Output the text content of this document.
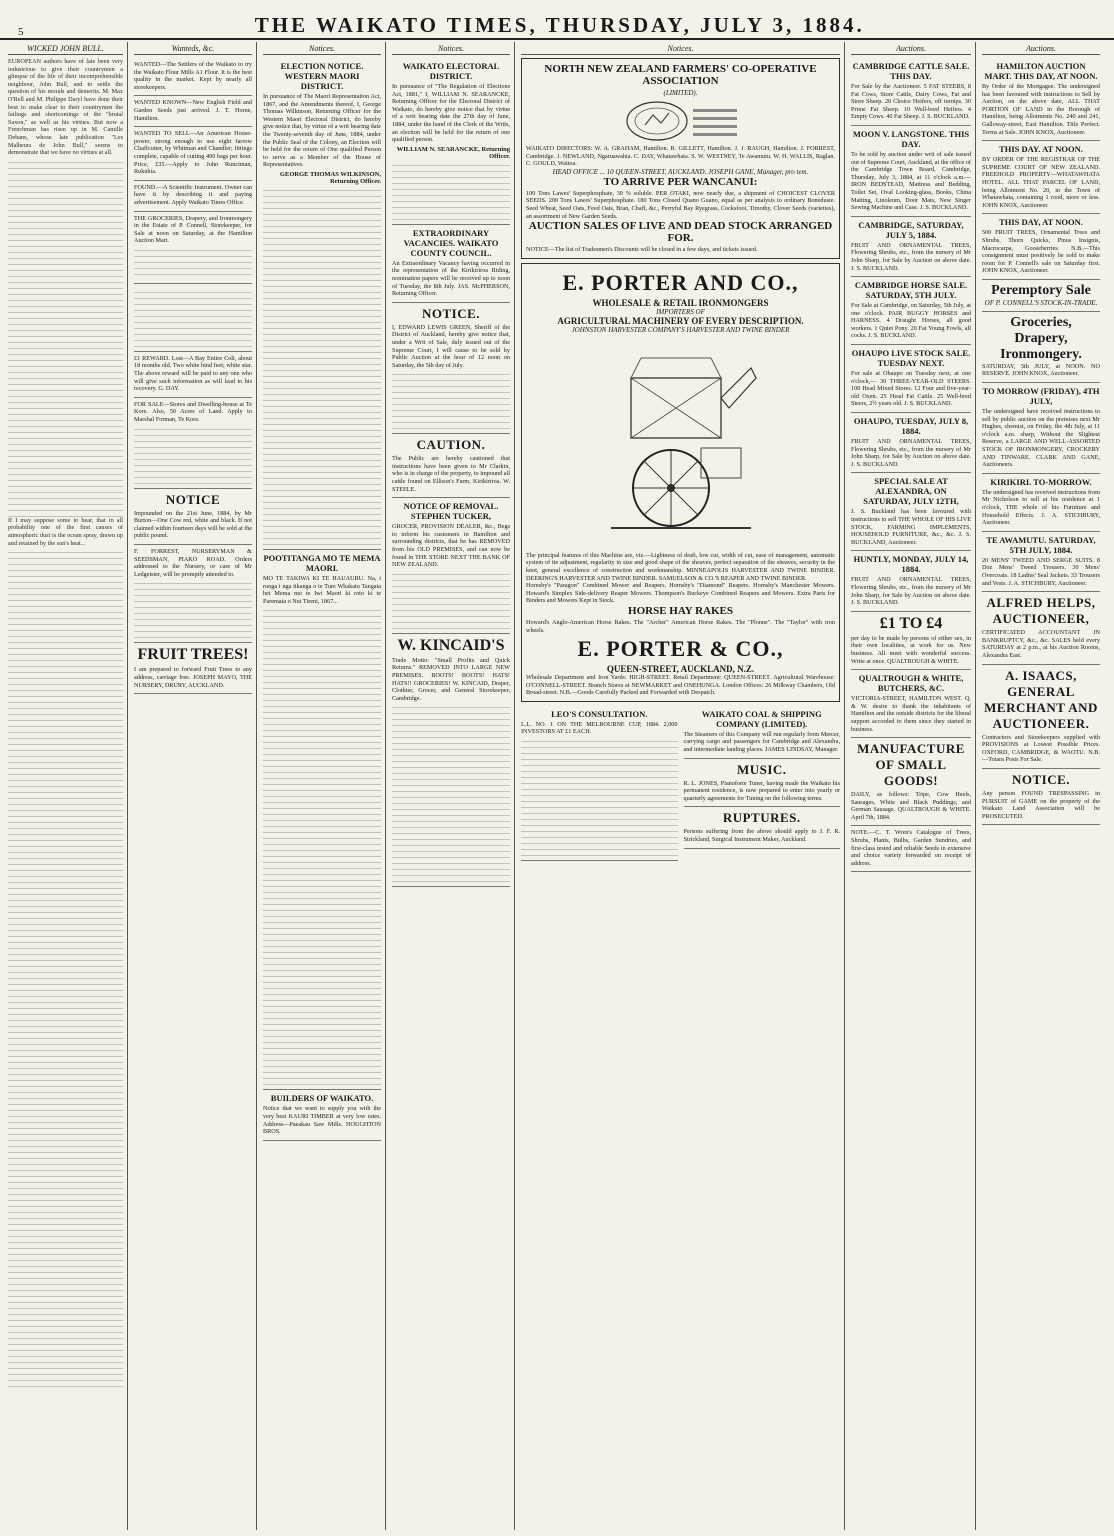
5	THE WAIKATO TIMES, THURSDAY, JULY 3, 1884.
WICKED JOHN BULL.
EUROPEAN authors have of late been very industrious to give their countrymen a glimpse of the life of their incomprehensible neighbour, John Bull, and to settle the question of his morals and demerits. M. Max O'Rell and M. Philippe Daryl have done their best to make clear to their countrymen the failings and shortcomings of the "brutal Saxon," as well as his virtues. But now a Frenchman has risen up in M. Camille Debans, whose late publication "Les Malheurs de John Bull," seems to demonstrate that we have no virtues at all.
If I may suppose some to hear, that in all probability one of the first causes of atmospheric dust is the ocean spray, drawn up and retained by the sun's heat...
Wanteds, &c.
WANTED—The Settlers of the Waikato to try the Waikato Flour Mills A1 Flour. It is the best quality in the market. Kept by nearly all storekeepers.
WANTED KNOWN—New English Field and Garden Seeds just arrived. J. T. Horne, Hamilton.
WANTED TO SELL—An American House-power, strong enough to use eight farrow Chaffcutter, by Whitman and Chandler; fittings complete, capable of cutting 400 bags per hour. Price, £35.—Apply to John Runciman, Rukuhia.
FOUND.—A Scientific Instrument. Owner can have it by describing it and paying advertisement. Apply Waikato Times Office.
THE GROCERIES, Drapery, and Ironmongery in the Estate of P. Connell, Storekeeper, for Sale at noon on Saturday, at the Hamilton Auction Mart.
£1 REWARD. Lost—A Bay Entire Colt, about 18 months old. Two white hind feet; white star. The above reward will be paid to any one who will give such information as will lead to his recovery. G. DAY.
FOR SALE—Stores and Dwelling-house at Te Kore. Also, 50 Acres of Land. Apply to Marshal Forman, Te Kore.
NOTICE
Impounded on the 21st June, 1884, by Mr Burton—One Cow red, white and black. If not claimed within fourteen days will be sold at the public pound.
F. FORREST, NURSERYMAN & SEEDSMAN, PIAKO ROAD. Orders addressed to the Nursery, or care of Mr Ledgeister, will be promptly attended to.
FRUIT TREES!
I am prepared to forward Fruit Trees to any address, carriage free. JOSEPH MAYO, THE NURSERY, DRURY, AUCKLAND.
Notices.
ELECTION NOTICE. WESTERN MAORI DISTRICT.
In pursuance of The Maori Representation Act, 1867, and the Amendments thereof, I, George Thomas Wilkinson, Returning Officer for the Western Maori Electoral District, do hereby give notice that, by virtue of a writ bearing date the Twenty-seventh day of June, 1884, under the Public Seal of the Colony, an Election will be held for the return of One qualified Person to serve as a Member of the House of Representatives.
GEORGE THOMAS WILKINSON, Returning Officer.
POOTITANGA MO TE MEMA MAORI.
MO TE TAKIWA KI TE HAUAURU. Na, i runga i nga tikanga o te Ture Whakatu Tangata hei Mema mo te Iwi Maori ki roto ki te Paremata o Nui Tireni, 1867...
BUILDERS OF WAIKATO.
Notice that we want to supply you with the very best KAURI TIMBER at very low rates. Address—Paeakau Saw Mills. HOUGHTON BROS.
Notices.
WAIKATO ELECTORAL DISTRICT.
In pursuance of "The Regulation of Elections Act, 1881," I, WILLIAM N. SEARANCKE, Returning Officer for the Electoral District of Waikato, do hereby give notice that by virtue of a writ bearing date the 27th day of June, 1884, under the hand of the Clerk of the Writs, an election will be held for the return of one qualified person.
WILLIAM N. SEARANCKE, Returning Officer.
EXTRAORDINARY VACANCIES. WAIKATO COUNTY COUNCIL.
An Extraordinary Vacancy having occurred in the representation of the Kirikiriroa Riding, nomination papers will be received up to noon of Tuesday, the 8th July. JAS. McPHERSON, Returning Officer.
NOTICE.
I, EDWARD LEWIS GREEN, Sheriff of the District of Auckland, hereby give notice that, under a Writ of Sale, duly issued out of the Supreme Court, I will cause to be sold by Public Auction at the hour of 12 noon on Saturday, the 5th day of July.
CAUTION.
The Public are hereby cautioned that instructions have been given to Mr Clarkin, who is in charge of the property, to impound all cattle found on Ellison's Farm, Kirikiriroa. W. STEELE.
NOTICE OF REMOVAL. STEPHEN TUCKER,
GROCER, PROVISION DEALER, &c., Begs to inform his customers in Hamilton and surrounding districts, that he has REMOVED from his OLD PREMISES, and can now be found in THE STORE NEXT THE BANK OF NEW ZEALAND.
W. KINCAID'S
Trade Motto: "Small Profits and Quick Returns." REMOVED INTO LARGE NEW PREMISES. BOOTS! BOOTS! HATS! HATS!! GROCERIES! W. KINCAID, Draper, Clothier, Grocer, and General Storekeeper, Cambridge.
Notices.
NORTH NEW ZEALAND FARMERS' CO-OPERATIVE ASSOCIATION
(LIMITED).
WAIKATO DIRECTORS: W. A. GRAHAM, Hamilton. R. GILLETT, Hamilton. J. J. RAUGH, Hamilton. J. FORREST, Cambridge. J. NEWLAND, Ngaruawahia. C. DAY, Whatawhata. S. W. WESTNEY, Te Awamutu. W. H. WALLIS, Raglan. C. GOULD, Waitoa.
HEAD OFFICE ... 10 QUEEN-STREET, AUCKLAND. JOSEPH GANE, Manager, pro tem.
TO ARRIVE PER WANCANUI:
100 Tons Lawes' Superphosphate, 30 % soluble. PER OTAKI, now nearly due, a shipment of CHOICEST CLOVER SEEDS. 200 Tons Lawes' Superphosphate. 180 Tons Closed Quano Guano, equal as per analysis to ordinary Boneduste. Seed Wheat, Seed Oats, Feed Oats, Bran, Chaff, &c., Perryful Bay Ryegrass, Cocksfoot, Timothy, Clover Seeds (varieties), an assortment of New Garden Seeds.
AUCTION SALES OF LIVE AND DEAD STOCK ARRANGED FOR.
NOTICE—The list of Tradesmen's Discounts will be closed in a few days, and tickets issued.
E. PORTER AND CO.,
WHOLESALE & RETAIL IRONMONGERS
IMPORTERS OF
AGRICULTURAL MACHINERY OF EVERY DESCRIPTION.
JOHNSTON HARVESTER COMPANY'S HARVESTER AND TWINE BINDER
The principal features of this Machine are, viz.—Lightness of draft, low cut, width of cut, ease of management, automatic system of tie adjustment, regularity in size and good shape of the sheaves, perfect separation of the sheaves, security in the knot, general excellence of construction and workmanship. MINNEAPOLIS HARVESTER AND TWINE BINDER. DEERING'S HARVESTER AND TWINE BINDER. SAMUELSON & CO.'S REAPER AND TWINE BINDER.
Hornsby's "Paragon" Combined Mower and Reapers. Hornsby's "Diamond" Reapers. Hornsby's Manchester Mowers. Howard's Simplex Side-delivery Reaper Mowers. Thompson's Buckeye Combined Reapers and Mowers. Extra Parts for Binders and Mowers Kept in Stock.
HORSE HAY RAKES
Howard's Anglo-American Horse Rakes. The "Archer" American Horse Rakes. The "Plonne". The "Taylor" with iron wheels.
E. PORTER & CO.,
QUEEN-STREET, AUCKLAND, N.Z.
Wholesale Department and Iron Yards: HIGH-STREET. Retail Department: QUEEN-STREET. Agricultural Warehouse: O'CONNELL-STREET. Branch Stores at NEWMARKET and ONEHUNGA. London Offices: 26 Milkway Chambers, Old Broad-street. N.B.—Goods Carefully Packed and Forwarded with Despatch.
LEO'S CONSULTATION.
L.L. NO. 1 ON THE MELBOURNE CUP, 1884. 2,000 INVESTORS AT £1 EACH.
WAIKATO COAL & SHIPPING COMPANY (LIMITED).
The Steamers of this Company will run regularly from Mercer, carrying cargo and passengers for Cambridge and Alexandra, and intermediate landing places. JAMES LINDSAY, Manager.
MUSIC.
R. L. JONES, Pianoforte Tuner, having made the Waikato his permanent residence, is now prepared to enter into yearly or quarterly agreements for Tuning on the following terms.
RUPTURES.
Persons suffering from the above should apply to J. F. R. Strickland, Surgical Instrument Maker, Auckland.
Auctions.
CAMBRIDGE CATTLE SALE. THIS DAY.
For Sale by the Auctioneer. 5 FAT STEERS, 8 Fat Cows, Store Cattle, Dairy Cows, Fat and Store Sheep. 20 Choice Heifers, off turnips. 30 Prime Fat Sheep. 10 Well-bred Heifers. 4 Empty Cows. 40 Fat Sheep. J. S. BUCKLAND.
MOON V. LANGSTONE. THIS DAY.
To be sold by auction under writ of sale issued out of Supreme Court, Auckland, at the office of the Cambridge Town Board, Cambridge, Thursday, July 3, 1884, at 11 o'clock a.m.— IRON BEDSTEAD, Mattress and Bedding, Toilet Set, Oval Looking-glass, Books, China Matting, Linoleum, Door Mats, New Singer Sewing Machine and Case. J. S. BUCKLAND.
CAMBRIDGE, SATURDAY, JULY 5, 1884.
FRUIT AND ORNAMENTAL TREES, Flowering Shrubs, etc., from the nursery of Mr John Sharp, for Sale by Auction on above date. J. S. BUCKLAND.
CAMBRIDGE HORSE SALE. SATURDAY, 5TH JULY.
For Sale at Cambridge, on Saturday, 5th July, at one o'clock. PAIR BUGGY HORSES and HARNESS. 4 Draught Horses, all good workers. 1 Quiet Pony. 20 Fat Young Fowls, all cocks. J. S. BUCKLAND.
OHAUPO LIVE STOCK SALE. TUESDAY NEXT.
For sale at Ohaupo on Tuesday next, at one o'clock,— 30 THREE-YEAR-OLD STEERS. 100 Head Mixed Stores. 12 Four and five-year-old Oxen. 25 Head Fat Cattle. 25 Well-bred Steers, 2½ years old. J. S. BUCKLAND.
OHAUPO, TUESDAY, JULY 8, 1884.
FRUIT AND ORNAMENTAL TREES, Flowering Shrubs, etc., from the nursery of Mr John Sharp, for Sale by Auction on above date. J. S. BUCKLAND.
SPECIAL SALE AT ALEXANDRA, ON SATURDAY, JULY 12TH,
J. S. Buckland has been favoured with instructions to sell THE WHOLE OF HIS LIVE STOCK, FARMING IMPLEMENTS, HOUSEHOLD FURNITURE, &c., &c. J. S. BUCKLAND, Auctioneer.
HUNTLY, MONDAY, JULY 14, 1884.
FRUIT AND ORNAMENTAL TREES, Flowering Shrubs, etc., from the nursery of Mr John Sharp, for Sale by Auction on above date. J. S. BUCKLAND.
£1 TO £4
per day to be made by persons of either sex, in their own localities, at work for us. New business. All meet with wonderful success. Write at once. QUALTROUGH & WHITE.
QUALTROUGH & WHITE, BUTCHERS, &C.
VICTORIA-STREET, HAMILTON WEST. Q. & W. desire to thank the inhabitants of Hamilton and the outside districts for the liberal support accorded to them since they started in business.
MANUFACTURE OF SMALL GOODS!
DAILY, as follows: Tripe, Cow Heels, Sausages, White and Black Puddings, and German Sausage. QUALTROUGH & WHITE. April 7th, 1884.
NOTE.—C. T. Wren's Catalogue of Trees, Shrubs, Plants, Bulbs, Garden Sundries, and first-class tested and reliable Seeds in extensive and choice variety forwarded on receipt of address.
Auctions.
HAMILTON AUCTION MART. THIS DAY, AT NOON.
By Order of the Mortgagee. The undersigned has been favoured with instructions to Sell by Auction, on the above date, ALL THAT PORTION OF LAND in the Borough of Hamilton, being Allotments No. 240 and 241, Galloway-street, East Hamilton. Title Perfect. Terms at Sale. JOHN KNOX, Auctioneer.
THIS DAY. AT NOON.
BY ORDER OF THE REGISTRAR OF THE SUPREME COURT OF NEW ZEALAND. FREEHOLD PROPERTY—WHATAWHATA HOTEL. ALL THAT PARCEL OF LAND, being Allotment No. 20, in the Town of Whatawhata, containing 1 rood, more or less. JOHN KNOX, Auctioneer.
THIS DAY, AT NOON.
500 FRUIT TREES, Ornamental Trees and Shrubs, Thorn Quicks, Pinus Insignis, Macrocarpa, Gooseberries. N.B.—This consignment must positively be sold to make room for P. Connell's sale on Saturday first. JOHN KNOX, Auctioneer.
Peremptory Sale
OF P. CONNELL'S STOCK-IN-TRADE.
Groceries, Drapery, Ironmongery.
SATURDAY, 5th JULY, at NOON. NO RESERVE. JOHN KNOX, Auctioneer.
TO MORROW (FRIDAY), 4TH JULY,
The undersigned have received instructions to sell by public auction on the premises next Mr Hughes, chemist, on Friday, the 4th July, at 11 o'clock a.m. sharp, Without the Slightest Reserve, a LARGE AND WELL-ASSORTED STOCK OF IRONMONGERY, CROCKERY AND TINWARE. CLARK AND GANE, Auctioneers.
KIRIKIRI. TO-MORROW.
The undersigned has received instructions from Mr Nicholson to sell at his residence at 1 o'clock, THE whole of his Furniture and Household Effects. J. A. STICHBURY, Auctioneer.
TE AWAMUTU. SATURDAY, 5TH JULY, 1884.
20 MENS' TWEED AND SERGE SUITS. 8 Doz Mens' Tweed Trousers. 30 Mens' Overcoats. 18 Ladies' Seal Jackets. 33 Trousers and Vests. J. A. STICHBURY, Auctioneer.
ALFRED HELPS, AUCTIONEER,
CERTIFICATED ACCOUNTANT IN BANKRUPTCY, &c., &c. SALES held every SATURDAY at 2 p.m., at his Auction Rooms, Alexandra East.
A. ISAACS, GENERAL MERCHANT AND AUCTIONEER.
Contractors and Storekeepers supplied with PROVISIONS at Lowest Possible Prices. OXFORD, CAMBRIDGE, & WAOTU. N.B.—Totara Posts For Sale.
NOTICE.
Any person FOUND TRESPASSING in PURSUIT of GAME on the property of the Waikato Land Association will be PROSECUTED.
